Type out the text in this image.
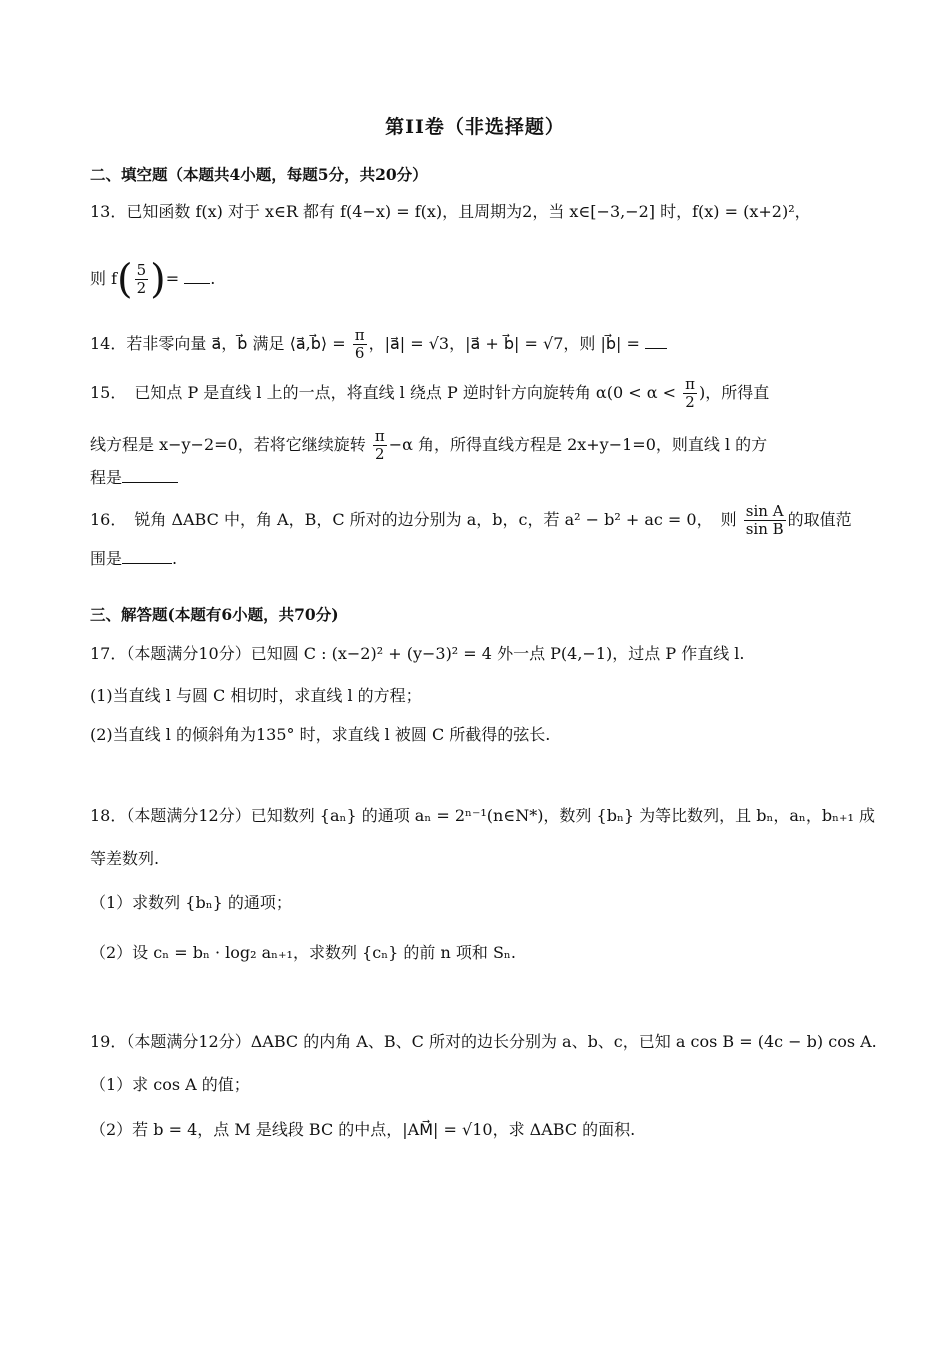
第II卷（非选择题）
二、填空题（本题共4小题，每题5分，共20分）
13．已知函数 f(x) 对于 x∈R 都有 f(4−x) = f(x)，且周期为2，当 x∈[−3,−2] 时，f(x) = (x+2)²，
则 $f( \frac{5}{2}$ )= .
14．若非零向量 a⃗，b⃗ 满足 ⟨a⃗,b⃗⟩ = $\frac{\pi}{6}$ ，|a⃗| = √3，|a⃗ + b⃗| = √7，则 |b⃗| =
15．　已知点 P 是直线 l 上的一点，将直线 l 绕点 P 逆时针方向旋转角 $\alpha(0 < \alpha < \frac{\pi}{2}$ )，所得直
线方程是 x−y−2=0，若将它继续旋转 $\frac{\pi}{2} -\alpha$ 角，所得直线方程是 2x+y−1=0，则直线 l 的方
程是
16．　锐角 ΔABC 中，角 A，B，C 所对的边分别为 a，b，c，若 a² − b² + ac = 0，　则 $\frac{\text{sin A}}{\text{sin B}}$ 的取值范
围是	.
三、解答题(本题有6小题，共70分)
17．（本题满分10分）已知圆 C : (x−2)² + (y−3)² = 4 外一点 P(4,−1)，过点 P 作直线 l.
(1)当直线 l 与圆 C 相切时，求直线 l 的方程；
(2)当直线 l 的倾斜角为135° 时，求直线 l 被圆 C 所截得的弦长.
18．（本题满分12分）已知数列 {aₙ} 的通项 aₙ = 2ⁿ⁻¹(n∈N*)，数列 {bₙ} 为等比数列，且 bₙ，aₙ，bₙ₊₁ 成
等差数列.
（1）求数列 {bₙ} 的通项；
（2）设 cₙ = bₙ · log₂ aₙ₊₁，求数列 {cₙ} 的前 n 项和 Sₙ.
19．（本题满分12分）ΔABC 的内角 A、B、C 所对的边长分别为 a、b、c，已知 a cos B = (4c − b) cos A.
（1）求 cos A 的值；
（2）若 b = 4，点 M 是线段 BC 的中点，|AM⃗| = √10，求 ΔABC 的面积.
